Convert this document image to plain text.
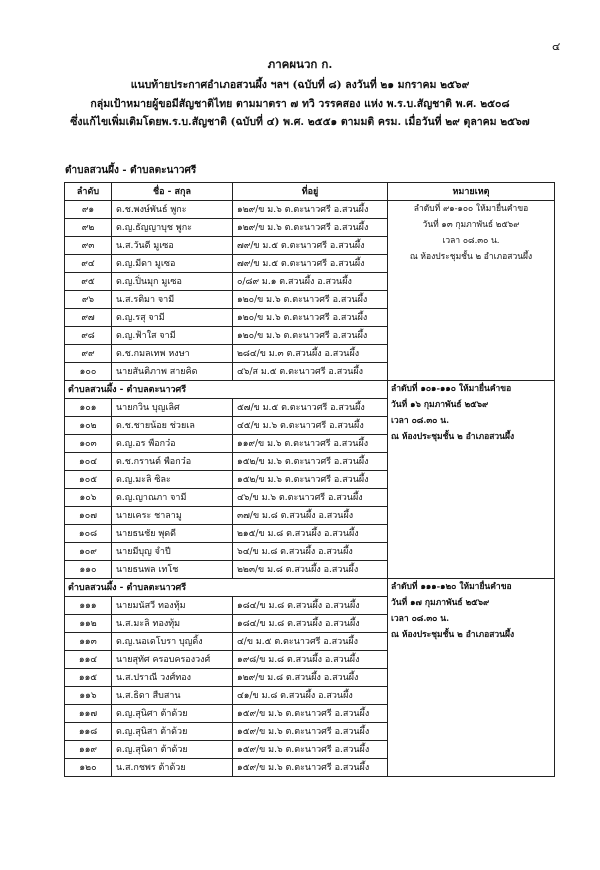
๔
ภาคผนวก ก.
แนบท้ายประกาศอำเภอสวนผึ้ง ฯลฯ (ฉบับที่ ๘) ลงวันที่ ๒๑ มกราคม ๒๕๖๙
กลุ่มเป้าหมายผู้ขอมีสัญชาติไทย ตามมาตรา ๗ ทวิ วรรคสอง แห่ง พ.ร.บ.สัญชาติ พ.ศ. ๒๕๐๘
ซึ่งแก้ไขเพิ่มเติมโดยพ.ร.บ.สัญชาติ (ฉบับที่ ๔) พ.ศ. ๒๕๕๑ ตามมติ ครม. เมื่อวันที่ ๒๙ ตุลาคม ๒๕๖๗
ตำบลสวนผึ้ง - ตำบลตะนาวศรี
ลำดับ	ชื่อ - สกุล	ที่อยู่	หมายเหตุ
๙๑	ด.ช.พงษ์พันธ์ พูกะ	๑๒๙/ข ม.๖ ต.ตะนาวศรี อ.สวนผึ้ง	ลำดับที่ ๙๑-๑๐๐ ให้มายื่นคำขอ
วันที่ ๑๓ กุมภาพันธ์ ๒๕๖๙
เวลา ๐๘.๓๐ น.
ณ ห้องประชุมชั้น ๒ อำเภอสวนผึ้ง

๙๒	ด.ญ.ธัญญาบุช พูกะ	๑๒๙/ข ม.๖ ต.ตะนาวศรี อ.สวนผึ้ง	
๙๓	น.ส.วันดี มูเซอ	๗๙/ข ม.๕ ต.ตะนาวศรี อ.สวนผึ้ง	
๙๔	ด.ญ.มีดา มูเซอ	๗๙/ข ม.๕ ต.ตะนาวศรี อ.สวนผึ้ง	
๙๕	ด.ญ.ปิ่นมุก มูเซอ	๐/๘๙ ม.๑ ต.สวนผึ้ง อ.สวนผึ้ง	
๙๖	น.ส.รติมา จามี	๑๒๐/ข ม.๖ ต.ตะนาวศรี อ.สวนผึ้ง	
๙๗	ด.ญ.รสุ จามี	๑๒๐/ข ม.๖ ต.ตะนาวศรี อ.สวนผึ้ง	
๙๘	ด.ญ.ฟ้าใส จามี	๑๒๐/ข ม.๖ ต.ตะนาวศรี อ.สวนผึ้ง	
๙๙	ด.ช.กมลเทพ หงษา	๒๘๔/ข ม.๓ ต.สวนผึ้ง อ.สวนผึ้ง	
๑๐๐	นายสันติภาพ สายคิด	๔๖/ส ม.๕ ต.ตะนาวศรี อ.สวนผึ้ง	
ตำบลสวนผึ้ง - ตำบลตะนาวศรี			ลำดับที่ ๑๐๑-๑๑๐ ให้มายื่นคำขอ
วันที่ ๑๖ กุมภาพันธ์ ๒๕๖๙
เวลา ๐๘.๓๐ น.
ณ ห้องประชุมชั้น ๒ อำเภอสวนผึ้ง

๑๐๑	นายกวิน บุญเลิศ	๕๗/ข ม.๕ ต.ตะนาวศรี อ.สวนผึ้ง	
๑๐๒	ด.ช.ชายน้อย ช่วยเล	๔๕/ข ม.๖ ต.ตะนาวศรี อ.สวนผึ้ง	
๑๐๓	ด.ญ.อร พือกว๋อ	๑๑๙/ข ม.๖ ต.ตะนาวศรี อ.สวนผึ้ง	
๑๐๔	ด.ช.กรานต์ พือกว๋อ	๑๕๒/ข ม.๖ ต.ตะนาวศรี อ.สวนผึ้ง	
๑๐๕	ด.ญ.มะลิ ซิละ	๑๕๒/ข ม.๖ ต.ตะนาวศรี อ.สวนผึ้ง	
๑๐๖	ด.ญ.ญาณภา จามี	๔๖/ข ม.๖ ต.ตะนาวศรี อ.สวนผึ้ง	
๑๐๗	นายเคระ ชาลามู	๓๗/ข ม.๘ ต.สวนผึ้ง อ.สวนผึ้ง	
๑๐๘	นายธนชัย พุดดี	๒๑๕/ข ม.๘ ต.สวนผึ้ง อ.สวนผึ้ง	
๑๐๙	นายมีบุญ จำปี	๖๔/ข ม.๘ ต.สวนผึ้ง อ.สวนผึ้ง	
๑๑๐	นายธนพล เทโช	๒๒๓/ข ม.๘ ต.สวนผึ้ง อ.สวนผึ้ง	
ตำบลสวนผึ้ง - ตำบลตะนาวศรี			ลำดับที่ ๑๑๑-๑๒๐ ให้มายื่นคำขอ
วันที่ ๑๗ กุมภาพันธ์ ๒๕๖๙
เวลา ๐๘.๓๐ น.
ณ ห้องประชุมชั้น ๒ อำเภอสวนผึ้ง

๑๑๑	นายมนัสวี ทองทุ้ม	๑๘๔/ข ม.๘ ต.สวนผึ้ง อ.สวนผึ้ง	
๑๑๒	น.ส.มะลิ ทองทุ้ม	๑๘๔/ข ม.๘ ต.สวนผึ้ง อ.สวนผึ้ง	
๑๑๓	ด.ญ.นอเดโบรา บุญดิ้ง	๔/ข ม.๕ ต.ตะนาวศรี อ.สวนผึ้ง	
๑๑๔	นายสุทัศ ครอบครองวงศ์	๑๙๘/ข ม.๘ ต.สวนผึ้ง อ.สวนผึ้ง	
๑๑๕	น.ส.ปราณี วงศ์ทอง	๑๒๙/ข ม.๘ ต.สวนผึ้ง อ.สวนผึ้ง	
๑๑๖	น.ส.ธิดา สืบสาน	๔๑/ข ม.๘ ต.สวนผึ้ง อ.สวนผึ้ง	
๑๑๗	ด.ญ.สุนิศา ต้าด้วย	๑๕๙/ข ม.๖ ต.ตะนาวศรี อ.สวนผึ้ง	
๑๑๘	ด.ญ.สุนิสา ต้าด้วย	๑๕๙/ข ม.๖ ต.ตะนาวศรี อ.สวนผึ้ง	
๑๑๙	ด.ญ.สุนิดา ต้าด้วย	๑๕๙/ข ม.๖ ต.ตะนาวศรี อ.สวนผึ้ง	
๑๒๐	น.ส.กชพร ต้าด้วย	๑๕๙/ข ม.๖ ต.ตะนาวศรี อ.สวนผึ้ง	
